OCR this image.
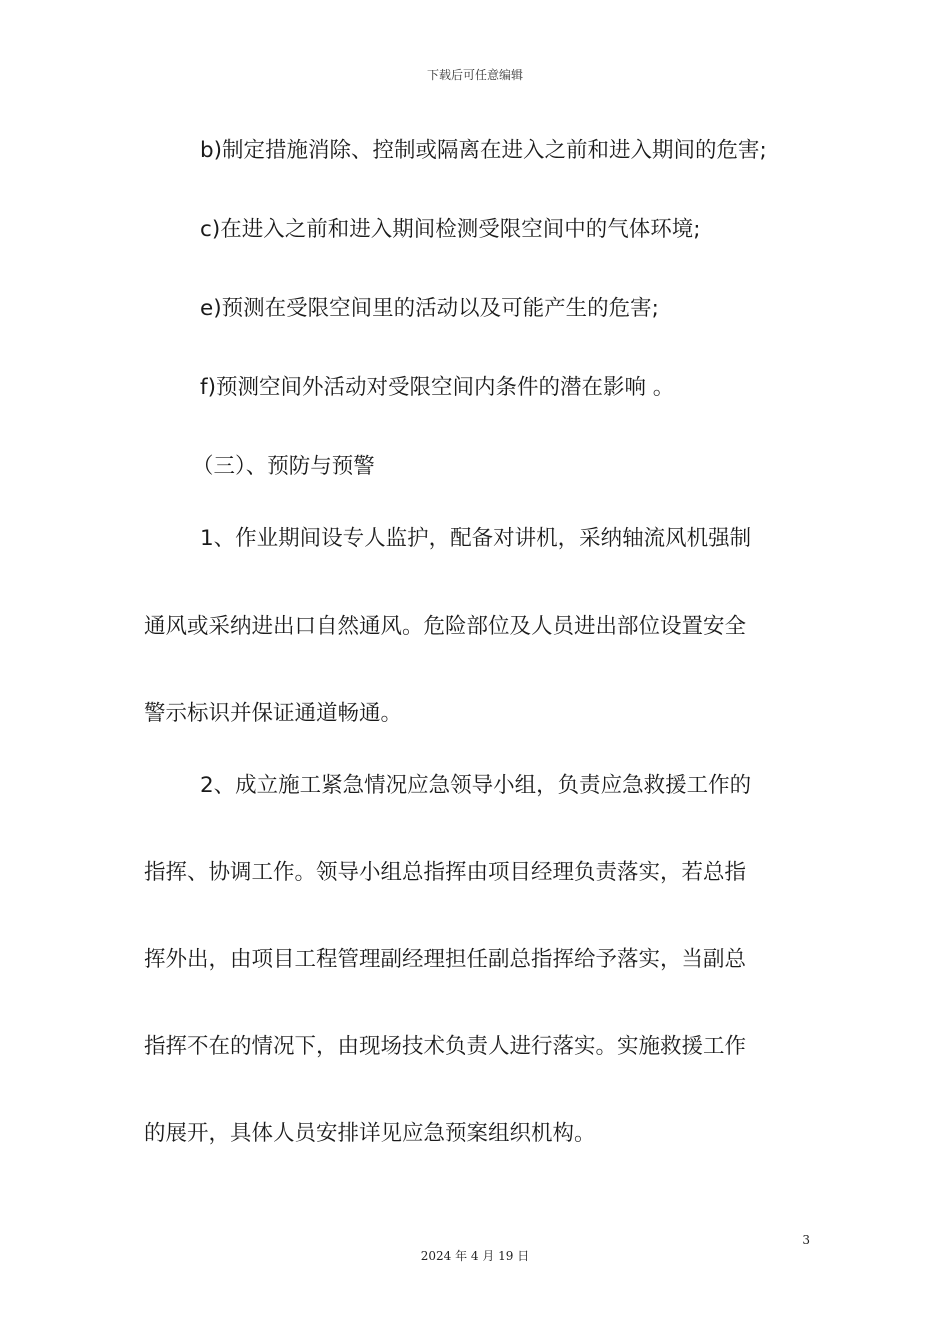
下载后可任意编辑
b)制定措施消除、控制或隔离在进入之前和进入期间的危害;
c)在进入之前和进入期间检测受限空间中的气体环境;
e)预测在受限空间里的活动以及可能产生的危害;
f)预测空间外活动对受限空间内条件的潜在影响 。
（三）、预防与预警
1、作业期间设专人监护，配备对讲机，采纳轴流风机强制
通风或采纳进出口自然通风。危险部位及人员进出部位设置安全
警示标识并保证通道畅通。
2、成立施工紧急情况应急领导小组，负责应急救援工作的
指挥、协调工作。领导小组总指挥由项目经理负责落实，若总指
挥外出，由项目工程管理副经理担任副总指挥给予落实，当副总
指挥不在的情况下，由现场技术负责人进行落实。实施救援工作
的展开，具体人员安排详见应急预案组织机构。
3
2024 年 4 月 19 日
